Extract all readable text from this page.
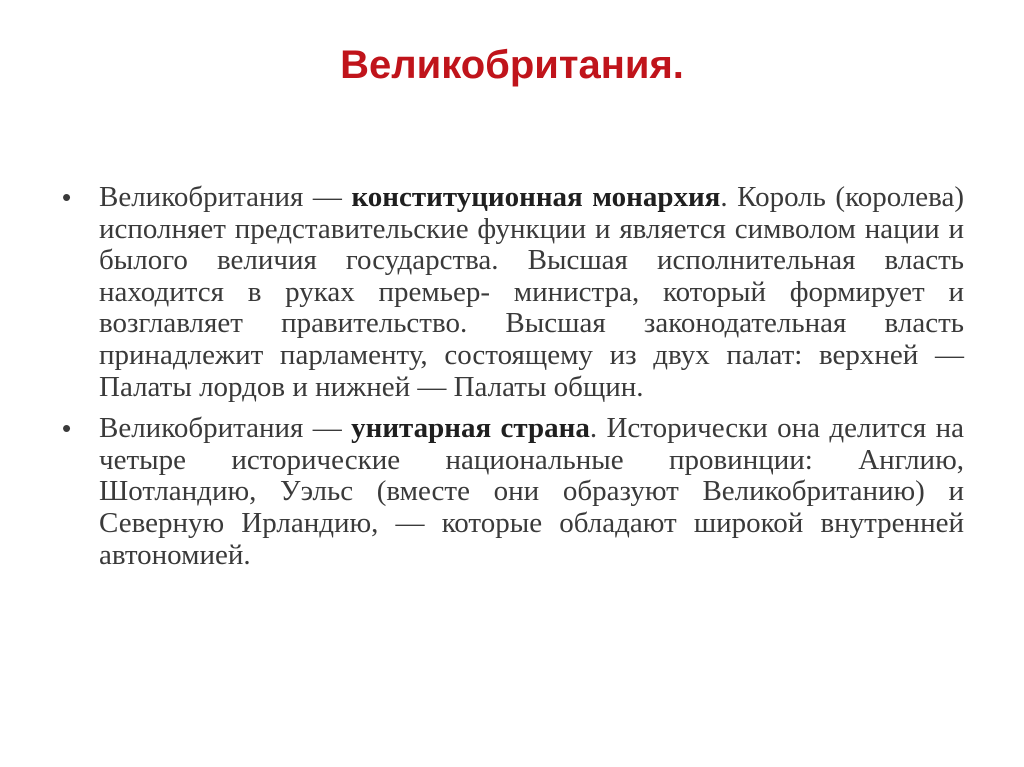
Великобритания.
• Великобритания — конституционная монархия. Король (королева) исполняет представительские функции и является символом нации и былого величия государства. Высшая исполнительная власть находится в руках премьер- министра, который формирует и возглавляет правительство. Высшая законодательная власть принадлежит парламенту, состоящему из двух палат: верхней — Палаты лордов и нижней — Палаты общин.
• Великобритания — унитарная страна. Исторически она делится на четыре исторические национальные провинции: Англию, Шотландию, Уэльс (вместе они образуют Великобританию) и Северную Ирландию, — которые обладают широкой внутренней автономией.
